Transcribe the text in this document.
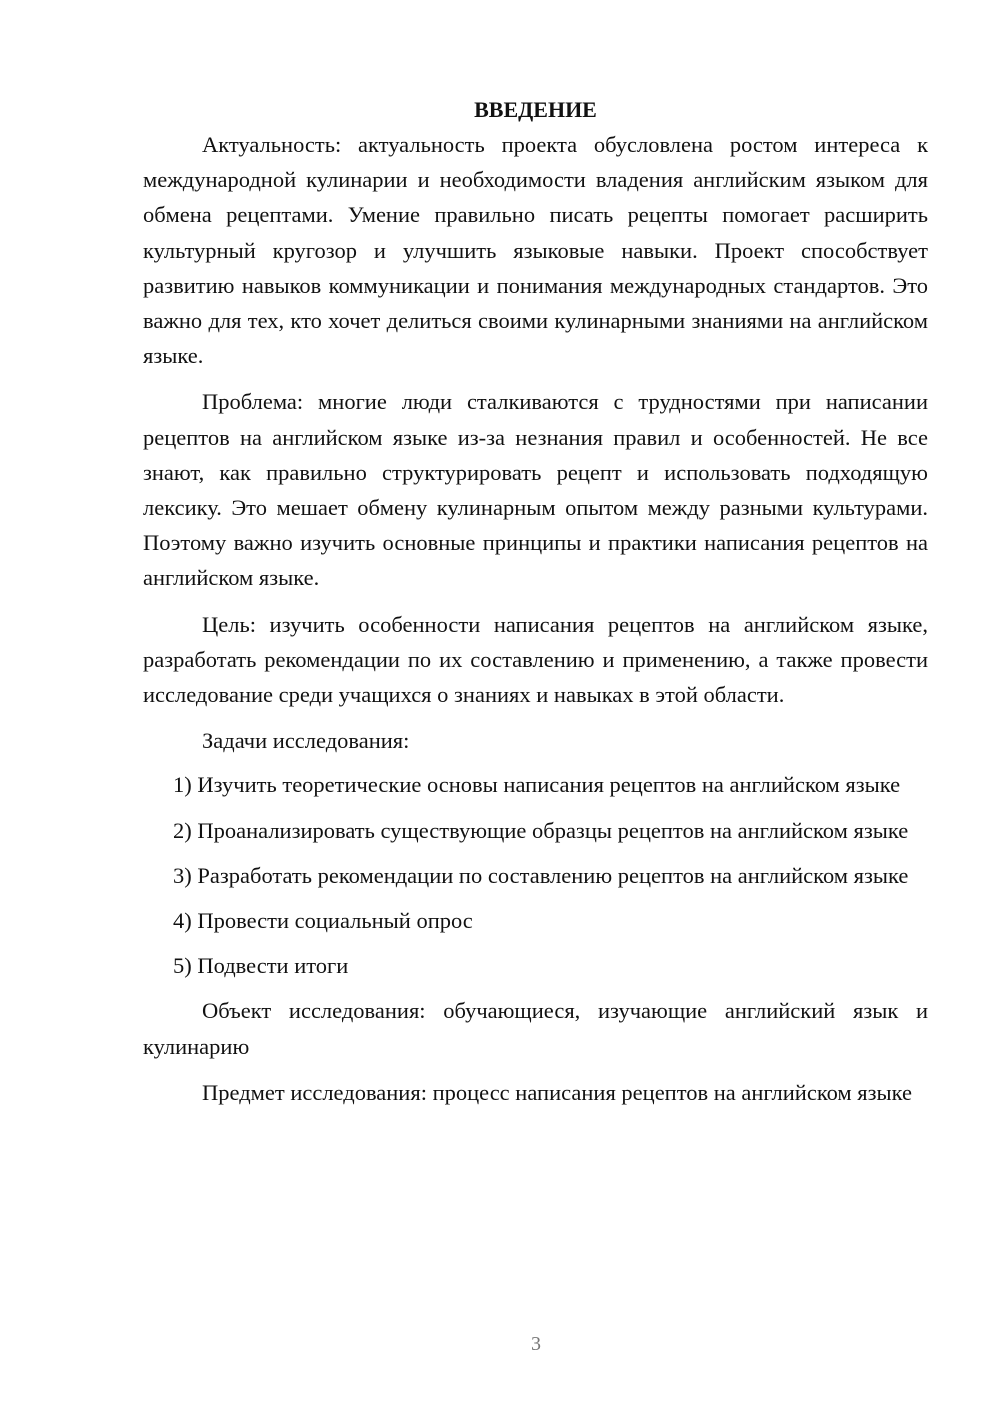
ВВЕДЕНИЕ

Актуальность: актуальность проекта обусловлена ростом интереса к международной кулинарии и необходимости владения английским языком для обмена рецептами. Умение правильно писать рецепты помогает расширить культурный кругозор и улучшить языковые навыки. Проект способствует развитию навыков коммуникации и понимания международных стандартов. Это важно для тех, кто хочет делиться своими кулинарными знаниями на английском языке.

Проблема: многие люди сталкиваются с трудностями при написании рецептов на английском языке из-за незнания правил и особенностей. Не все знают, как правильно структурировать рецепт и использовать подходящую лексику. Это мешает обмену кулинарным опытом между разными культурами. Поэтому важно изучить основные принципы и практики написания рецептов на английском языке.

Цель: изучить особенности написания рецептов на английском языке, разработать рекомендации по их составлению и применению, а также провести исследование среди учащихся о знаниях и навыках в этой области.

Задачи исследования:

1) Изучить теоретические основы написания рецептов на английском языке

2) Проанализировать существующие образцы рецептов на английском языке

3) Разработать рекомендации по составлению рецептов на английском языке

4) Провести социальный опрос

5) Подвести итоги

Объект исследования: обучающиеся, изучающие английский язык и кулинарию

Предмет исследования: процесс написания рецептов на английском языке

3
